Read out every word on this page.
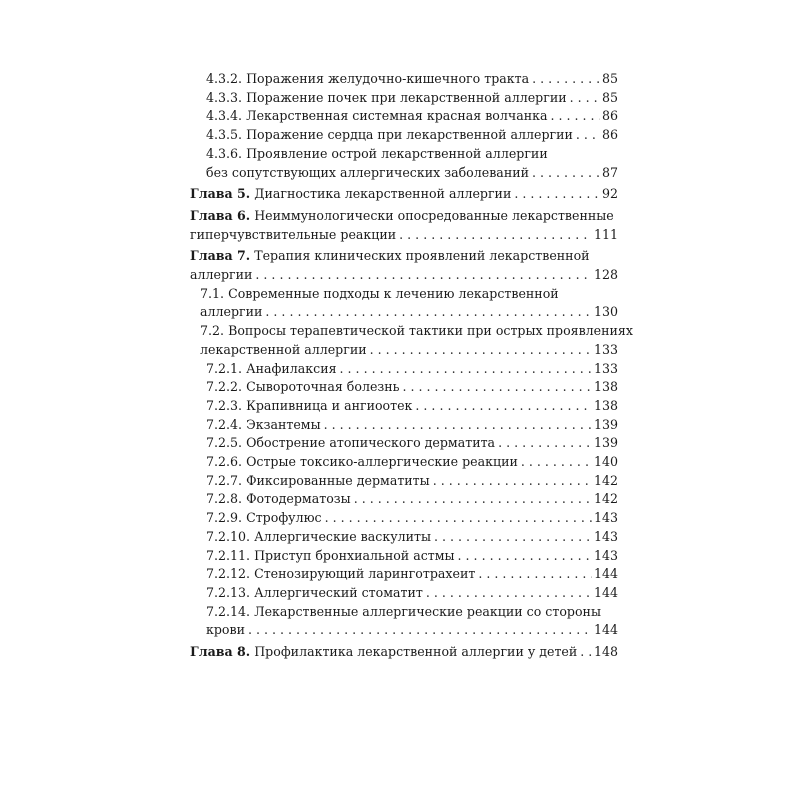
4.3.2. Поражения желудочно-кишечного тракта . . .	85
4.3.3. Поражение почек при лекарственной аллергии . . .	85
4.3.4. Лекарственная системная красная волчанка . . .	86
4.3.5. Поражение сердца при лекарственной аллергии . . . 86
4.3.6. Проявление острой лекарственной аллергии
без сопутствующих аллергических заболеваний . . .	87
Глава 5. Диагностика лекарственной аллергии . . .	92
Глава 6. Неиммунологически опосредованные лекарственные
гиперчувствительные реакции . . .	111
Глава 7. Терапия клинических проявлений лекарственной
аллергии . . .	128
7.1. Современные подходы к лечению лекарственной
аллергии . . .	130
7.2. Вопросы терапевтической тактики при острых проявлениях
лекарственной аллергии . . .	133
7.2.1. Анафилаксия . . .	133
7.2.2. Сывороточная болезнь . . .	138
7.2.3. Крапивница и ангиоотек . . .	138
7.2.4. Экзантемы . . .	139
7.2.5. Обострение атопического дерматита . . .	139
7.2.6. Острые токсико-аллергические реакции . . .	140
7.2.7. Фиксированные дерматиты . . .	142
7.2.8. Фотодерматозы . . .	142
7.2.9. Строфулюс . . .	143
7.2.10. Аллергические васкулиты . . .	143
7.2.11. Приступ бронхиальной астмы . . .	143
7.2.12. Стенозирующий ларинготрахеит . . .	144
7.2.13. Аллергический стоматит . . .	144
7.2.14. Лекарственные аллергические реакции со стороны
крови . . .	144
Глава 8. Профилактика лекарственной аллергии у детей . . . 148
